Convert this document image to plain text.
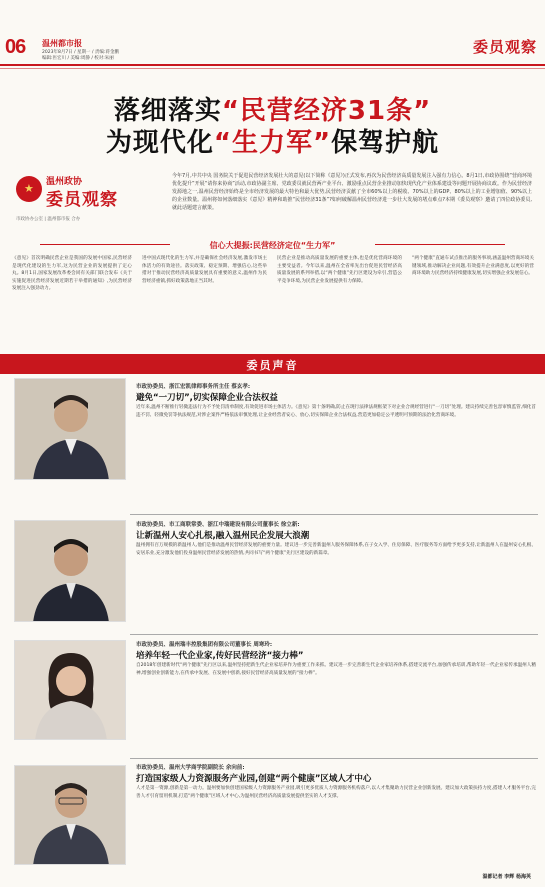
06 温州都市报
2023年8月7日 / 星期一 / 责编:蒋金鹏
编辑:医宏川 / 美编:周静 / 校对:朱丽
委员观察
落细落实“民营经济31条”
为现代化“生力军”保驾护航
★ 温州政协
委员观察
市政协办公室 | 温州都市报 合办
今年7月,中共中央 国务院关于促进民营经济发展壮大的意见(以下简称《意见》)正式发布,再次为民营经济高质量发展注入强有力信心。8月1日,市政协围绕“营商环境优化提升”开展“请你来协商”活动,市政协副主席、党政委员就民营两产业平台、激励重点民营企业推动加快现代化产业体系建设等问题开展协商议政。作为民营经济发源地之一,温州民营经济始终是全市经济发展的最大特色和最大优势,民营经济贡献了全市60%以上的税收、70%以上的GDP、80%以上的工业增加值、90%以上的企业数量。温州将如何落细落实《意见》精神和助推“民营经济31条”?如何破解温州民营经济进一步壮大发展的堵点难点?本期《委员观察》邀请了四位政协委员,就此话题建言献策。
信心大提振:民营经济定位“生力军”
《意见》首次明确民营企业是我国的发展中国家,民营经济是现代化建设的生力军,这为民营企业的发展提供了定心丸。8月1日,国家发展改革委会同有关部门联合发布《关于实施促进民营经济发展近期若干举措的通知》,为民营经济发展注入强劲动力。
进中国式现代化的生力军,并是确保社会经济发展,激发市场主体活力的有效途径。落实政策、稳定预期、增强信心,这些举措对于推动民营经济高质量发展具有重要的意义,温州作为民营经济重镇,抓好政策落地正当其时。
民营企业是推动高质量发展的重要主体,也是优化营商环境的主要受益者。今年以来,温州在全省率先出台促进民营经济高质量发展的系列举措,以“两个健康”先行区建设为牵引,营造公平竞争环境,为民营企业发展提供有力保障。
“两个健康”直通车试点推出的服务事项,涵盖温州营商环境关键领域,推动解决企业问题,有效提升企业满意度,以更好的营商环境助力民营经济持续健康发展,切实增强企业发展信心。
委员声音
市政协委员、浙江宏凯律师事务所主任 蔡玄孝:
避免“一刀切”,切实保障企业合法权益
近年来,温州不断推行轻微违法行为不予处罚清单制度,有效促进市场主体活力。《意见》第十条明确,防止在现行法律法规框架下对企业合规经营进行“一刀切”处理。建议持续完善包容审慎监管,细化首违不罚、轻微免罚等执法规范,对涉企案件严格依法审慎处理,让企业经营者安心、放心,切实保障企业合法权益,营造更加稳定公平透明可预期的法治化营商环境。
市政协委员、市工商联常委、浙江中瑞建设有限公司董事长 徐立新:
让新温州人安心扎根,融入温州民企发展大浪潮
温州拥有百万规模的新温州人,他们是推动温州民营经济发展的重要力量。建议进一步完善新温州人服务保障体系,在子女入学、住房保障、医疗服务等方面给予更多支持,让新温州人在温州安心扎根、安居乐业,充分激发他们投身温州民营经济发展的热情,共同书写“两个健康”先行区建设的新篇章。
市政协委员、温州瑞丰控股集团有限公司董事长 周寒玲:
培养年轻一代企业家,传好民营经济“接力棒”
自2018年创建新时代“两个健康”先行区以来,温州坚持把新生代企业家培养作为重要工作来抓。建议进一步完善新生代企业家培养体系,搭建交流平台,加强传承培训,帮助年轻一代企业家传承温州人精神,增强创业创新能力,在传承中发展、在发展中创新,接好民营经济高质量发展的“接力棒”。
市政协委员、温州大学商学院副院长 余向前:
打造国家级人力资源服务产业园,创建“两个健康”区域人才中心
人才是第一资源,创新是第一动力。温州要加快创建国家级人力资源服务产业园,吸引更多优质人力资源服务机构落户,以人才集聚助力民营企业创新发展。建议加大政策扶持力度,搭建人才服务平台,完善人才引育留用机制,打造“两个健康”区域人才中心,为温州民营经济高质量发展提供坚实的人才支撑。
温都记者 李辉 杨海英
